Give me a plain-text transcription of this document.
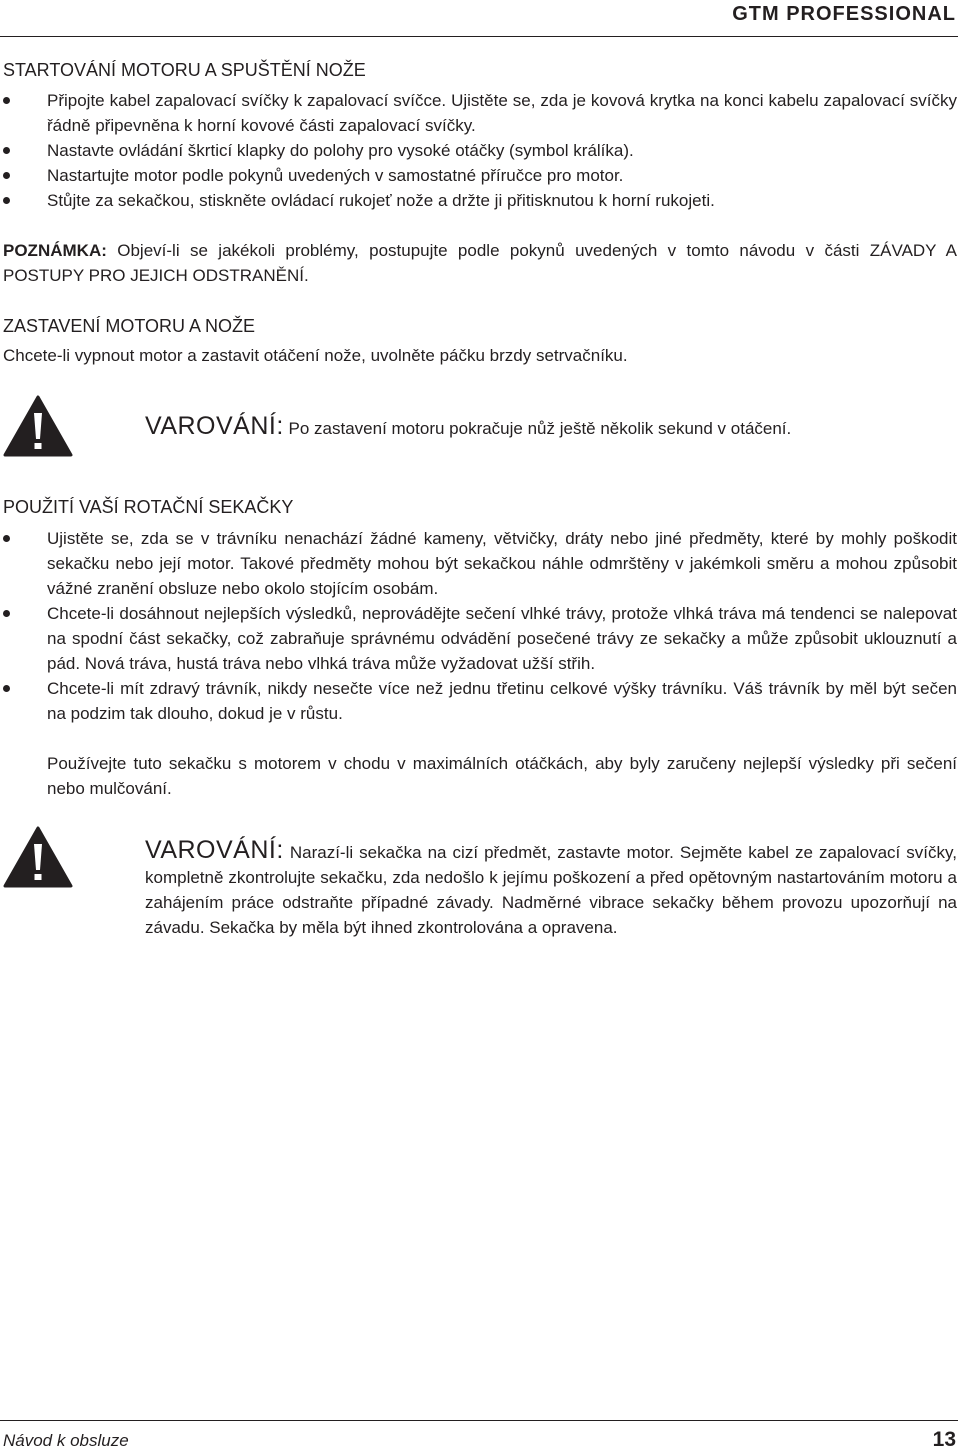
GTM PROFESSIONAL
STARTOVÁNÍ MOTORU A SPUŠTĚNÍ NOŽE
Připojte kabel zapalovací svíčky k zapalovací svíčce. Ujistěte se, zda je kovová krytka na konci kabelu zapalovací svíčky řádně připevněna k horní kovové části zapalovací svíčky.
Nastavte ovládání škrticí klapky do polohy pro vysoké otáčky (symbol králíka).
Nastartujte motor podle pokynů uvedených v samostatné příručce pro motor.
Stůjte za sekačkou, stiskněte ovládací rukojeť nože a držte ji přitisknutou k horní rukojeti.

POZNÁMKA: Objeví-li se jakékoli problémy, postupujte podle pokynů uvedených v tomto návodu v části ZÁVADY A POSTUPY PRO JEJICH ODSTRANĚNÍ.

ZASTAVENÍ MOTORU A NOŽE

Chcete-li vypnout motor a zastavit otáčení nože, uvolněte páčku brzdy setrvačníku.

VAROVÁNÍ: Po zastavení motoru pokračuje nůž ještě několik sekund v otáčení.

POUŽITÍ VAŠÍ ROTAČNÍ SEKAČKY
Ujistěte se, zda se v trávníku nenachází žádné kameny, větvičky, dráty nebo jiné předměty, které by mohly poškodit sekačku nebo její motor. Takové předměty mohou být sekačkou náhle odmrštěny v jakémkoli směru a mohou způsobit vážné zranění obsluze nebo okolo stojícím osobám.
Chcete-li dosáhnout nejlepších výsledků, neprovádějte sečení vlhké trávy, protože vlhká tráva má tendenci se nalepovat na spodní část sekačky, což zabraňuje správnému odvádění posečené trávy ze sekačky a může způsobit uklouznutí a pád. Nová tráva, hustá tráva nebo vlhká tráva může vyžadovat užší střih.
Chcete-li mít zdravý trávník, nikdy nesečte více než jednu třetinu celkové výšky trávníku. Váš trávník by měl být sečen na podzim tak dlouho, dokud je v růstu.

Používejte tuto sekačku s motorem v chodu v maximálních otáčkách, aby byly zaručeny nejlepší výsledky při sečení nebo mulčování.

VAROVÁNÍ: Narazí-li sekačka na cizí předmět, zastavte motor. Sejměte kabel ze zapalovací svíčky, kompletně zkontrolujte sekačku, zda nedošlo k jejímu poškození a před opětovným nastartováním motoru a zahájením práce odstraňte případné závady. Nadměrné vibrace sekačky během provozu upozorňují na závadu. Sekačka by měla být ihned zkontrolována a opravena.

Návod k obsluze	13
